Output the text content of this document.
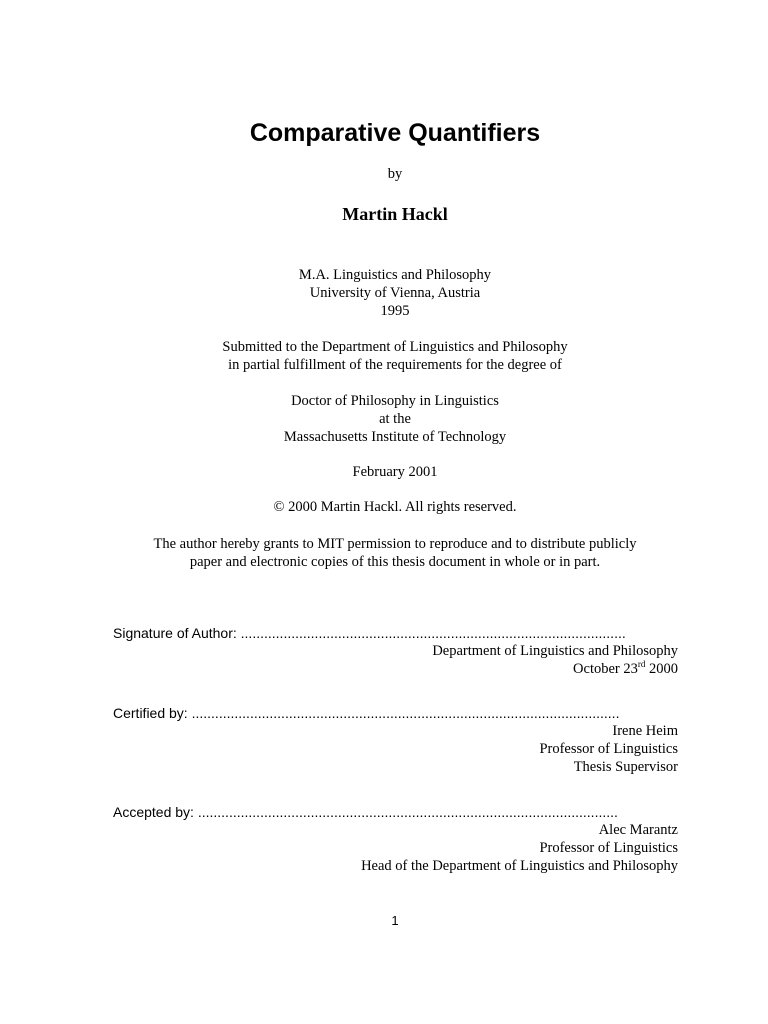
Comparative Quantifiers
by
Martin Hackl
M.A. Linguistics and Philosophy
University of Vienna, Austria
1995
Submitted to the Department of Linguistics and Philosophy
in partial fulfillment of the requirements for the degree of
Doctor of Philosophy in Linguistics
at the
Massachusetts Institute of Technology
February 2001
© 2000 Martin Hackl. All rights reserved.
The author hereby grants to MIT permission to reproduce and to distribute publicly
paper and electronic copies of this thesis document in whole or in part.
Signature of Author: ...................................................................................................
Department of Linguistics and Philosophy
October 23rd 2000
Certified by: ..............................................................................................................
Irene Heim
Professor of Linguistics
Thesis Supervisor
Accepted by: ............................................................................................................
Alec Marantz
Professor of Linguistics
Head of the Department of Linguistics and Philosophy
1
